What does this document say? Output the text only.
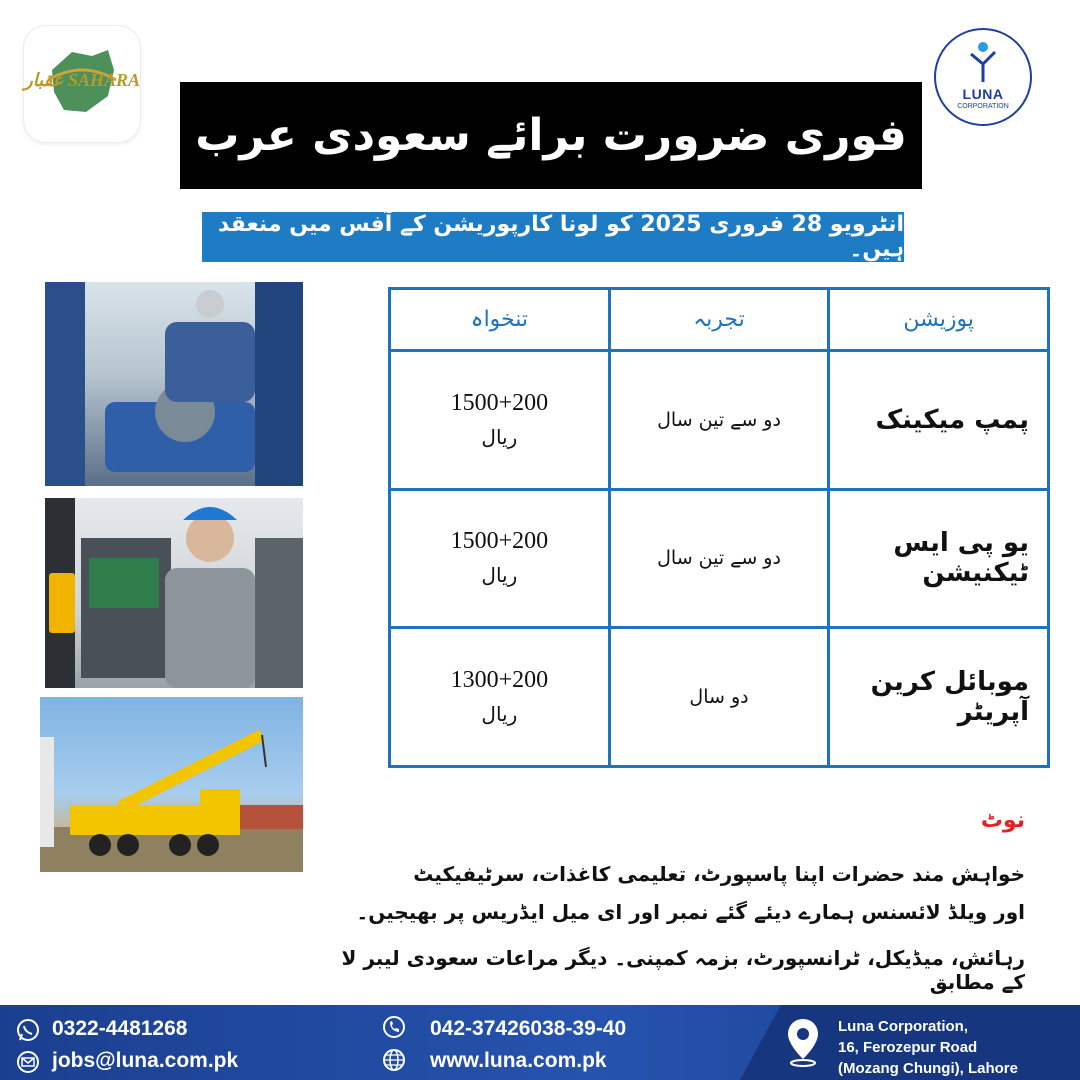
عقبار SAHARA
LUNA
CORPORATION
فوری ضرورت برائے سعودی عرب
انٹرویو 28 فروری 2025 کو لونا کارپوریشن کے آفس میں منعقد ہیں۔
پوزیشن	تجربہ	تنخواہ
پمپ میکینک	دو سے تین سال	1500+200
ریال

یو پی ایس ٹیکنیشن	دو سے تین سال	1500+200
ریال

موبائل کرین آپریٹر	دو سال	1300+200
ریال
نوٹ
خواہش مند حضرات اپنا پاسپورٹ، تعلیمی کاغذات، سرٹیفیکیٹ
اور ویلڈ لائسنس ہمارے دیئے گئے نمبر اور ای میل ایڈریس پر بھیجیں۔
رہائش، میڈیکل، ٹرانسپورٹ، بزمہ کمپنی۔ دیگر مراعات سعودی لیبر لا کے مطابق
0322-4481268
jobs@luna.com.pk
042-37426038-39-40
www.luna.com.pk
Luna Corporation,
16, Ferozepur Road
(Mozang Chungi), Lahore
